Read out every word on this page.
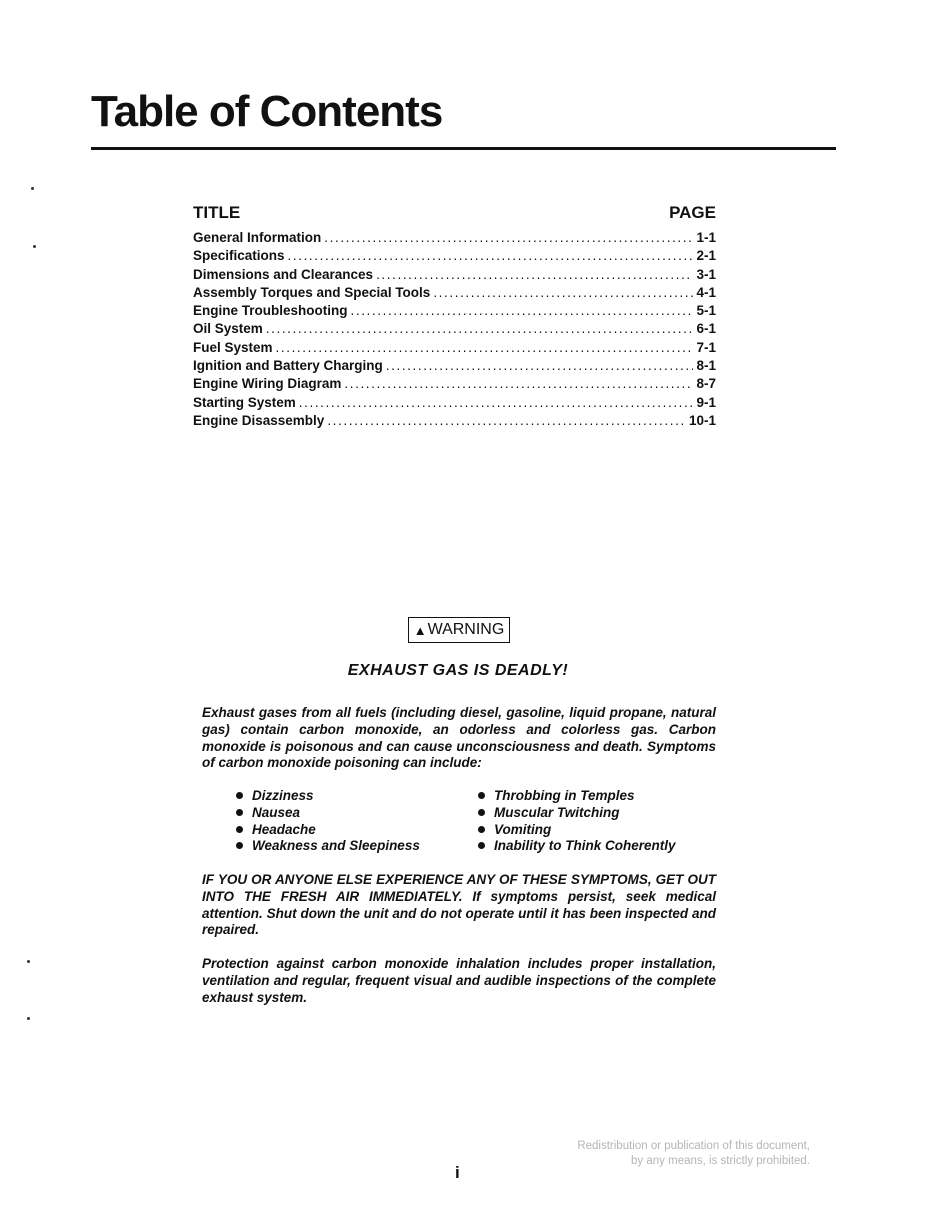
Table of Contents
TITLE	PAGE
General Information .....	1-1
Specifications .....	2-1
Dimensions and Clearances .....	3-1
Assembly Torques and Special Tools .....	4-1
Engine Troubleshooting .....	5-1
Oil System .....	6-1
Fuel System .....	7-1
Ignition and Battery Charging .....	8-1
Engine Wiring Diagram .....	8-7
Starting System .....	9-1
Engine Disassembly .....	10-1
▲ WARNING
EXHAUST GAS IS DEADLY!

Exhaust gases from all fuels (including diesel, gasoline, liquid propane, natural gas) contain carbon monoxide, an odorless and colorless gas. Carbon monoxide is poisonous and can cause unconsciousness and death. Symptoms of carbon monoxide poisoning can include:

Dizziness	Throbbing in Temples
Nausea	Muscular Twitching
Headache	Vomiting
Weakness and Sleepiness	Inability to Think Coherently

IF YOU OR ANYONE ELSE EXPERIENCE ANY OF THESE SYMPTOMS, GET OUT INTO THE FRESH AIR IMMEDIATELY. If symptoms persist, seek medical attention. Shut down the unit and do not operate until it has been inspected and repaired.

Protection against carbon monoxide inhalation includes proper installation, ventilation and regular, frequent visual and audible inspections of the complete exhaust system.

Redistribution or publication of this document,
by any means, is strictly prohibited.
i
